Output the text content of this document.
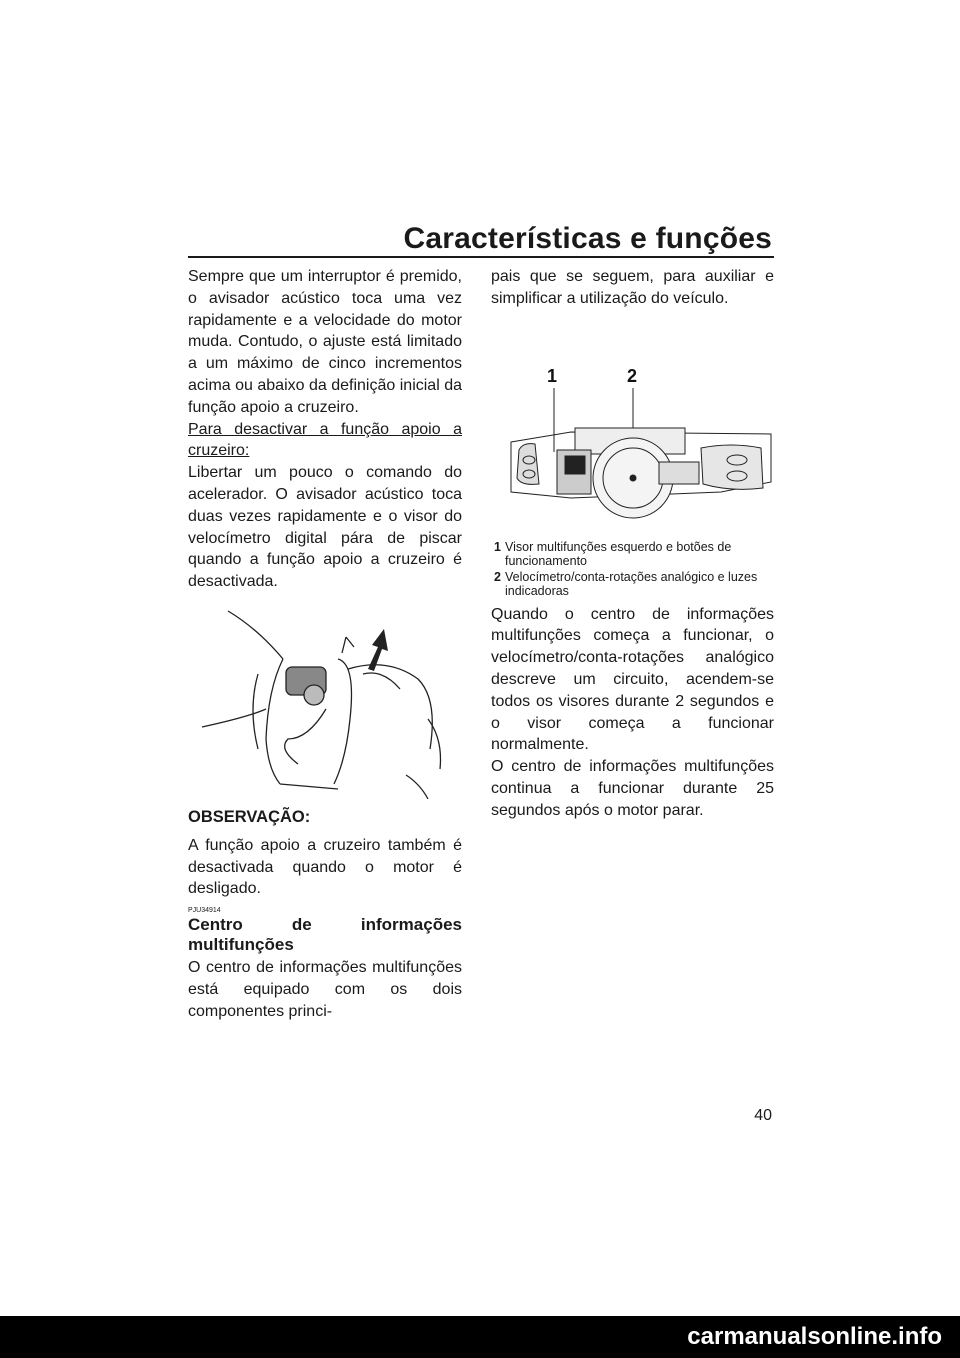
Características e funções

Sempre que um interruptor é premido, o avisador acústico toca uma vez rapidamente e a velocidade do motor muda. Contudo, o ajuste está limitado a um máximo de cinco incrementos acima ou abaixo da definição inicial da função apoio a cruzeiro.

Para desactivar a função apoio a cruzeiro:

Libertar um pouco o comando do acelerador. O avisador acústico toca duas vezes rapidamente e o visor do velocímetro digital pára de piscar quando a função apoio a cruzeiro é desactivada.

OBSERVAÇÃO:

A função apoio a cruzeiro também é desactivada quando o motor é desligado.

PJU34914

Centro de informações multifunções

O centro de informações multifunções está equipado com os dois componentes princi-

pais que se seguem, para auxiliar e simplificar a utilização do veículo.

1	2

1 Visor multifunções esquerdo e botões de funcionamento

2 Velocímetro/conta-rotações analógico e luzes indicadoras

Quando o centro de informações multifunções começa a funcionar, o velocímetro/conta-rotações analógico descreve um circuito, acendem-se todos os visores durante 2 segundos e o visor começa a funcionar normalmente.

O centro de informações multifunções continua a funcionar durante 25 segundos após o motor parar.

40
carmanualsonline.info
